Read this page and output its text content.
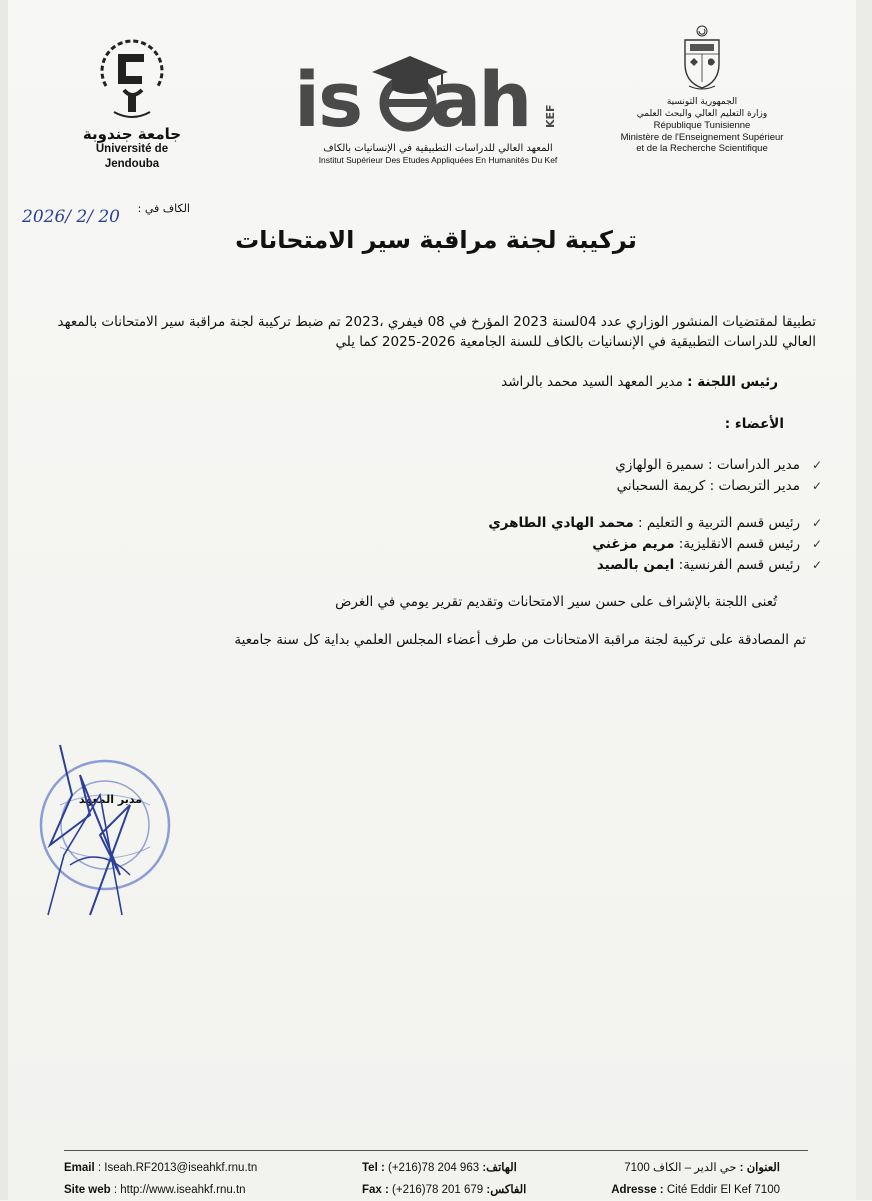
الجمهورية التونسية
وزارة التعليم العالي والبحث العلمي
République Tunisienne
Ministère de l'Enseignement Supérieur
et de la Recherche Scientifique
is ah KEF
المعهد العالي للدراسات التطبيقية في الإنسانيات بالكاف
Institut Supérieur Des Etudes Appliquées En Humanités Du Kef
جامعة جندوبة
Université de Jendouba
الكاف في :
2026/ 2/ 20
تركيبة لجنة مراقبة سير الامتحانات
تطبيقا لمقتضيات المنشور الوزاري عدد 04لسنة 2023 المؤرخ في 08 فيفري ،2023 تم ضبط تركيبة لجنة مراقبة سير الامتحانات بالمعهد
العالي للدراسات التطبيقية في الإنسانيات بالكاف للسنة الجامعية 2026-2025 كما يلي
رئيس اللجنة : مدير المعهد السيد محمد بالراشد
الأعضاء :
✓مدير الدراسات : سميرة الولهازي
✓مدير التربصات : كريمة السحباني
✓رئيس قسم التربية و التعليم : محمد الهادي الطاهري
✓رئيس قسم الانقليزية: مريم مزغني
✓رئيس قسم الفرنسية: ايمن بالصيد
تُعنى اللجنة بالإشراف على حسن سير الامتحانات وتقديم تقرير يومي في الغرض
تم المصادقة على تركيبة لجنة مراقبة الامتحانات من طرف أعضاء المجلس العلمي بداية كل سنة جامعية
مدير المعهد
Email : Iseah.RF2013@iseahkf.rnu.tn
Site web : http://www.iseahkf.rnu.tn
Tel : (+216)78 204 963 :الهاتف
Fax : (+216)78 201 679 :الفاكس
العنوان : حي الدير – الكاف 7100
Adresse : Cité Eddir El Kef 7100
